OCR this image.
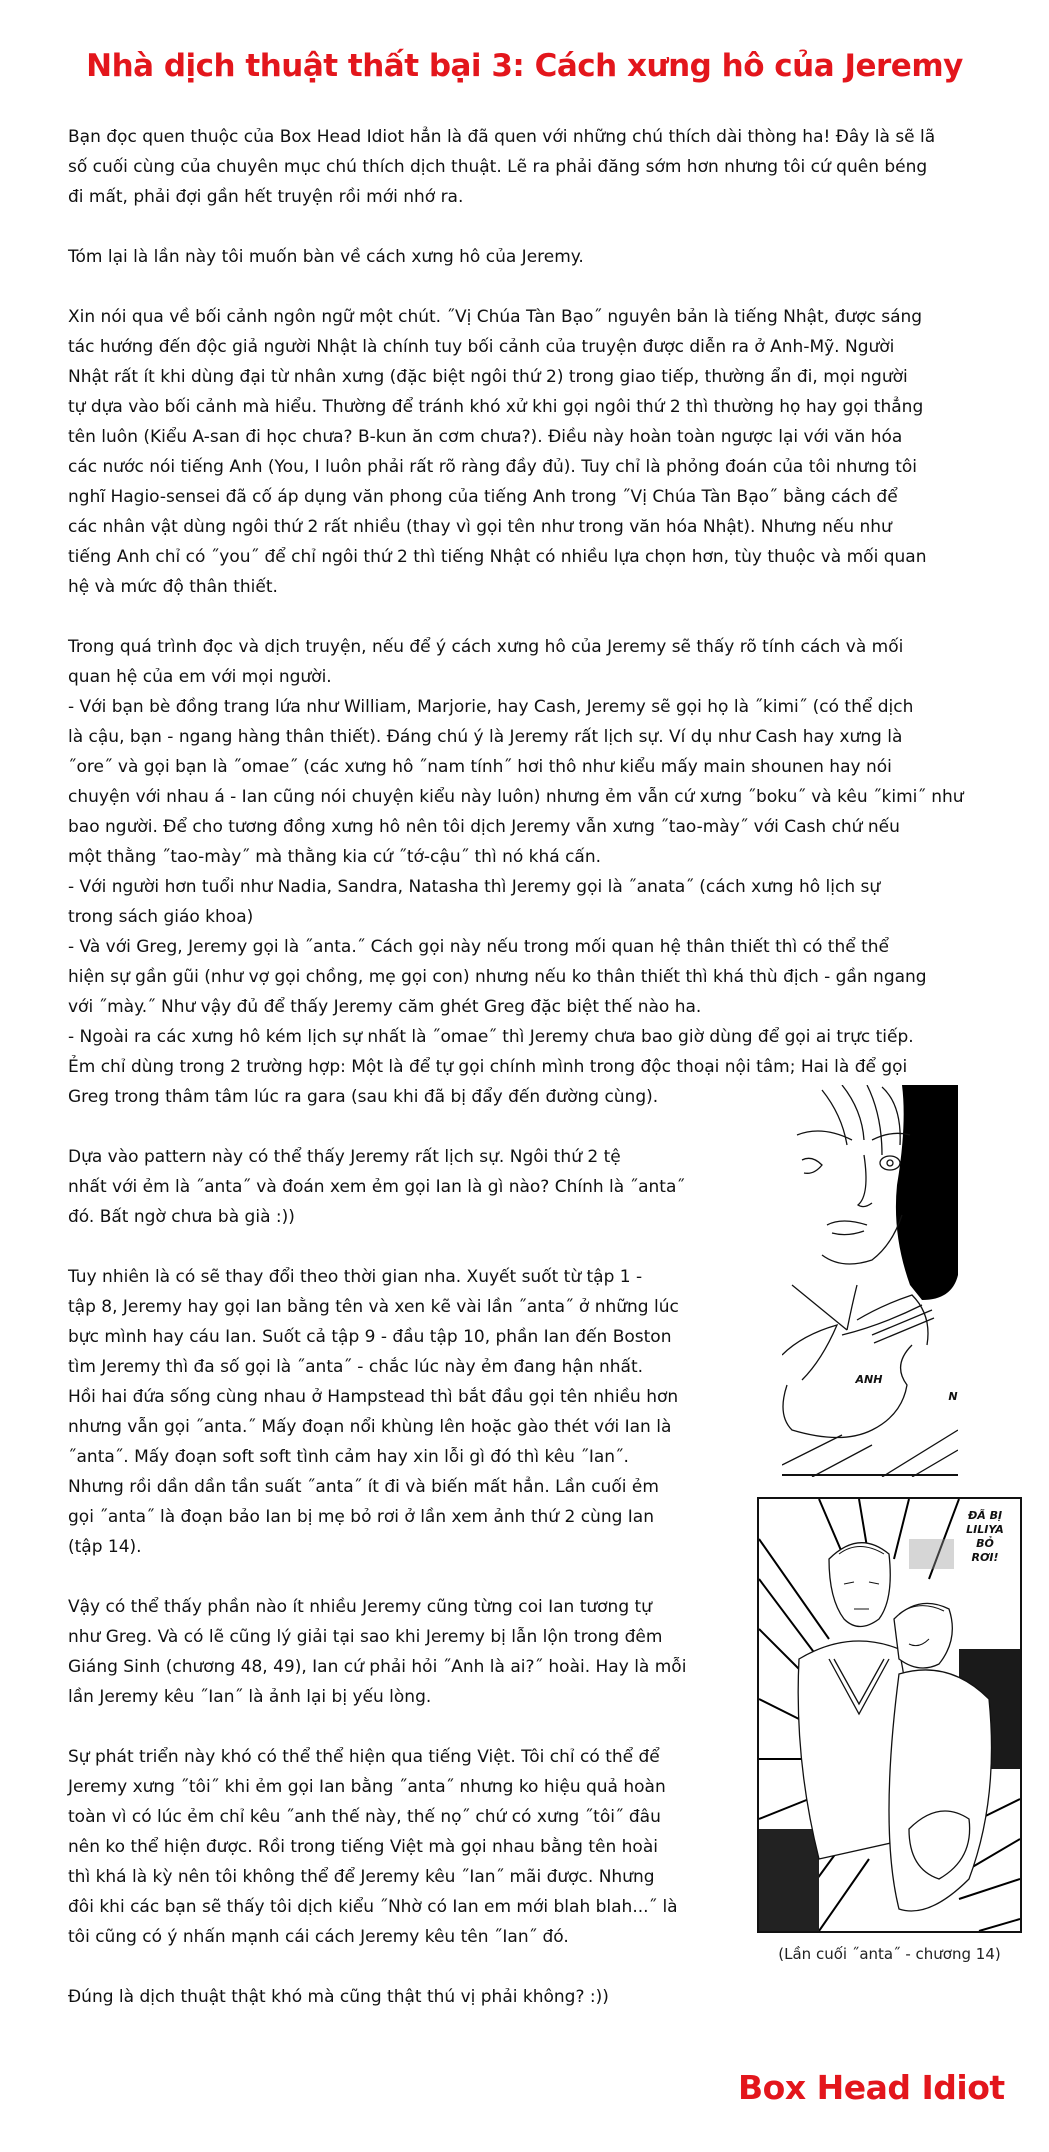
Nhà dịch thuật thất bại 3: Cách xưng hô của Jeremy
Bạn đọc quen thuộc của Box Head Idiot hẳn là đã quen với những chú thích dài thòng ha! Đây là sẽ lã
số cuối cùng của chuyên mục chú thích dịch thuật. Lẽ ra phải đăng sớm hơn nhưng tôi cứ quên béng
đi mất, phải đợi gần hết truyện rồi mới nhớ ra.
Tóm lại là lần này tôi muốn bàn về cách xưng hô của Jeremy.
Xin nói qua về bối cảnh ngôn ngữ một chút. ˝Vị Chúa Tàn Bạo˝ nguyên bản là tiếng Nhật, được sáng
tác hướng đến độc giả người Nhật là chính tuy bối cảnh của truyện được diễn ra ở Anh-Mỹ. Người
Nhật rất ít khi dùng đại từ nhân xưng (đặc biệt ngôi thứ 2) trong giao tiếp, thường ẩn đi, mọi người
tự dựa vào bối cảnh mà hiểu. Thường để tránh khó xử khi gọi ngôi thứ 2 thì thường họ hay gọi thẳng
tên luôn (Kiểu A-san đi học chưa? B-kun ăn cơm chưa?). Điều này hoàn toàn ngược lại với văn hóa
các nước nói tiếng Anh (You, I luôn phải rất rõ ràng đầy đủ). Tuy chỉ là phỏng đoán của tôi nhưng tôi
nghĩ Hagio-sensei đã cố áp dụng văn phong của tiếng Anh trong ˝Vị Chúa Tàn Bạo˝ bằng cách để
các nhân vật dùng ngôi thứ 2 rất nhiều (thay vì gọi tên như trong văn hóa Nhật). Nhưng nếu như
tiếng Anh chỉ có ˝you˝ để chỉ ngôi thứ 2 thì tiếng Nhật có nhiều lựa chọn hơn, tùy thuộc và mối quan
hệ và mức độ thân thiết.
Trong quá trình đọc và dịch truyện, nếu để ý cách xưng hô của Jeremy sẽ thấy rõ tính cách và mối
quan hệ của em với mọi người.
- Với bạn bè đồng trang lứa như William, Marjorie, hay Cash, Jeremy sẽ gọi họ là ˝kimi˝ (có thể dịch
là cậu, bạn - ngang hàng thân thiết). Đáng chú ý là Jeremy rất lịch sự. Ví dụ như Cash hay xưng là
˝ore˝ và gọi bạn là ˝omae˝ (các xưng hô ˝nam tính˝ hơi thô như kiểu mấy main shounen hay nói
chuyện với nhau á - Ian cũng nói chuyện kiểu này luôn) nhưng ẻm vẫn cứ xưng ˝boku˝ và kêu ˝kimi˝ như
bao người. Để cho tương đồng xưng hô nên tôi dịch Jeremy vẫn xưng ˝tao-mày˝ với Cash chứ nếu
một thằng ˝tao-mày˝ mà thằng kia cứ ˝tớ-cậu˝ thì nó khá cấn.
- Với người hơn tuổi như Nadia, Sandra, Natasha thì Jeremy gọi là ˝anata˝ (cách xưng hô lịch sự
trong sách giáo khoa)
- Và với Greg, Jeremy gọi là ˝anta.˝ Cách gọi này nếu trong mối quan hệ thân thiết thì có thể thể
hiện sự gần gũi (như vợ gọi chồng, mẹ gọi con) nhưng nếu ko thân thiết thì khá thù địch - gần ngang
với ˝mày.˝ Như vậy đủ để thấy Jeremy căm ghét Greg đặc biệt thế nào ha.
- Ngoài ra các xưng hô kém lịch sự nhất là ˝omae˝ thì Jeremy chưa bao giờ dùng để gọi ai trực tiếp.
Ẻm chỉ dùng trong 2 trường hợp: Một là để tự gọi chính mình trong độc thoại nội tâm; Hai là để gọi
Greg trong thâm tâm lúc ra gara (sau khi đã bị đẩy đến đường cùng).
Dựa vào pattern này có thể thấy Jeremy rất lịch sự. Ngôi thứ 2 tệ
nhất với ẻm là ˝anta˝ và đoán xem ẻm gọi Ian là gì nào? Chính là ˝anta˝
đó. Bất ngờ chưa bà già :))
Tuy nhiên là có sẽ thay đổi theo thời gian nha. Xuyết suốt từ tập 1 -
tập 8, Jeremy hay gọi Ian bằng tên và xen kẽ vài lần ˝anta˝ ở những lúc
bực mình hay cáu Ian. Suốt cả tập 9 - đầu tập 10, phần Ian đến Boston
tìm Jeremy thì đa số gọi là ˝anta˝ - chắc lúc này ẻm đang hận nhất.
Hồi hai đứa sống cùng nhau ở Hampstead thì bắt đầu gọi tên nhiều hơn
nhưng vẫn gọi ˝anta.˝ Mấy đoạn nổi khùng lên hoặc gào thét với Ian là
˝anta˝. Mấy đoạn soft soft tình cảm hay xin lỗi gì đó thì kêu ˝Ian˝.
Nhưng rồi dần dần tần suất ˝anta˝ ít đi và biến mất hẳn. Lần cuối ẻm
gọi ˝anta˝ là đoạn bảo Ian bị mẹ bỏ rơi ở lần xem ảnh thứ 2 cùng Ian
(tập 14).
Vậy có thể thấy phần nào ít nhiều Jeremy cũng từng coi Ian tương tự
như Greg. Và có lẽ cũng lý giải tại sao khi Jeremy bị lẫn lộn trong đêm
Giáng Sinh (chương 48, 49), Ian cứ phải hỏi ˝Anh là ai?˝ hoài. Hay là mỗi
lần Jeremy kêu ˝Ian˝ là ảnh lại bị yếu lòng.
Sự phát triển này khó có thể thể hiện qua tiếng Việt. Tôi chỉ có thể để
Jeremy xưng ˝tôi˝ khi ẻm gọi Ian bằng ˝anta˝ nhưng ko hiệu quả hoàn
toàn vì có lúc ẻm chỉ kêu ˝anh thế này, thế nọ˝ chứ có xưng ˝tôi˝ đâu
nên ko thể hiện được. Rồi trong tiếng Việt mà gọi nhau bằng tên hoài
thì khá là kỳ nên tôi không thể để Jeremy kêu ˝Ian˝ mãi được. Nhưng
đôi khi các bạn sẽ thấy tôi dịch kiểu ˝Nhờ có Ian em mới blah blah...˝ là
tôi cũng có ý nhấn mạnh cái cách Jeremy kêu tên ˝Ian˝ đó.
Đúng là dịch thuật thật khó mà cũng thật thú vị phải không? :))
ANH
N
ĐÃ BỊ
LILIYA
BỎ
RƠI!
(Lần cuối ˝anta˝ - chương 14)
Box Head Idiot
